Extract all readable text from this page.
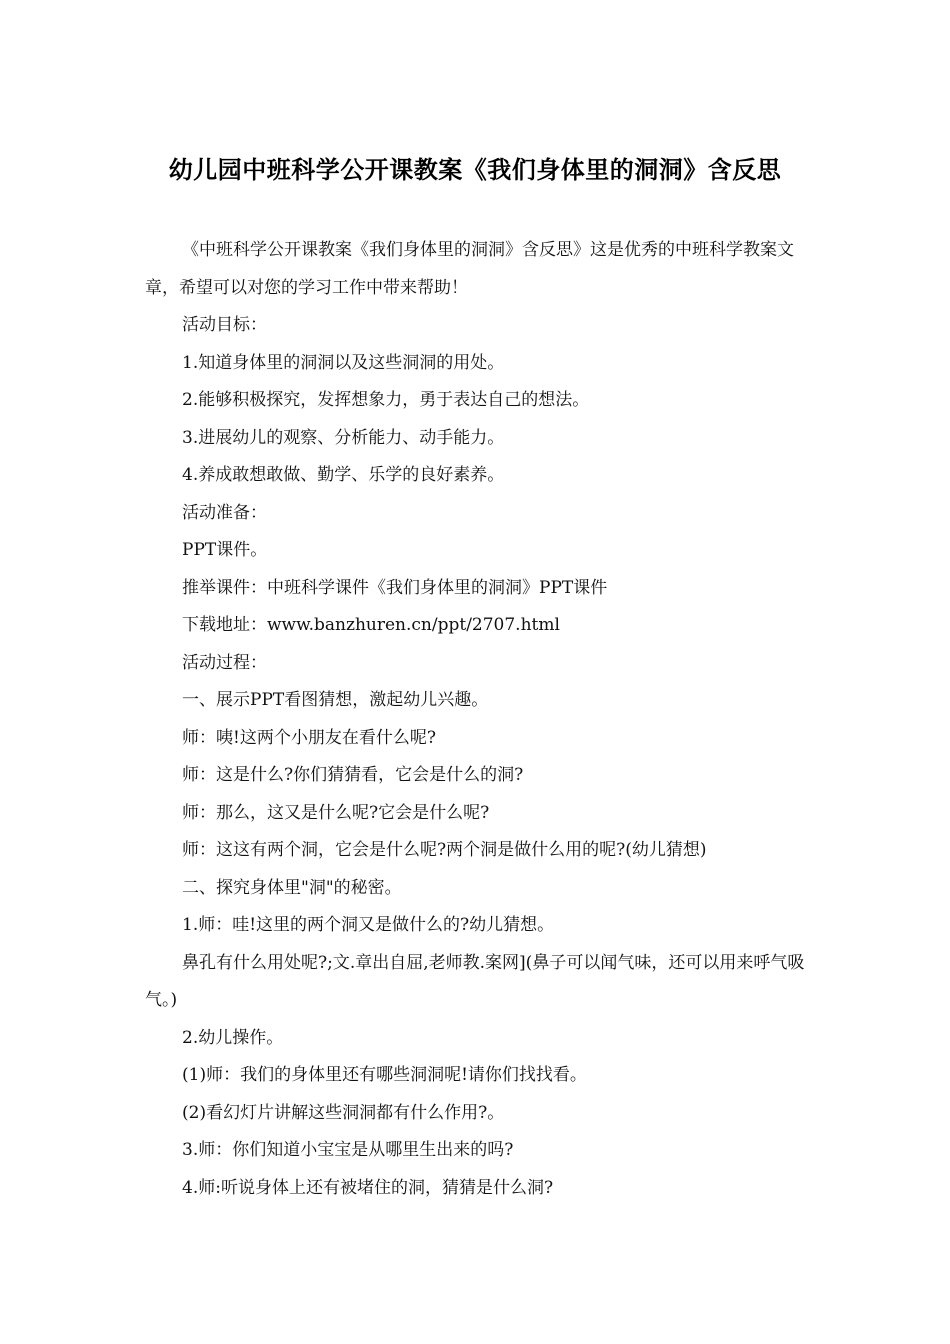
幼儿园中班科学公开课教案《我们身体里的洞洞》含反思

《中班科学公开课教案《我们身体里的洞洞》含反思》这是优秀的中班科学教案文章，希望可以对您的学习工作中带来帮助！

活动目标：

1.知道身体里的洞洞以及这些洞洞的用处。

2.能够积极探究，发挥想象力，勇于表达自己的想法。

3.进展幼儿的观察、分析能力、动手能力。

4.养成敢想敢做、勤学、乐学的良好素养。

活动准备：

PPT课件。

推举课件：中班科学课件《我们身体里的洞洞》PPT课件

下载地址：www.banzhuren.cn/ppt/2707.html

活动过程：

一、展示PPT看图猜想，激起幼儿兴趣。

师：咦!这两个小朋友在看什么呢?

师：这是什么?你们猜猜看，它会是什么的洞?

师：那么，这又是什么呢?它会是什么呢?

师：这这有两个洞，它会是什么呢?两个洞是做什么用的呢?(幼儿猜想)

二、探究身体里"洞"的秘密。

1.师：哇!这里的两个洞又是做什么的?幼儿猜想。

鼻孔有什么用处呢?;文.章出自屈,老师教.案网](鼻子可以闻气味，还可以用来呼气吸气。)

2.幼儿操作。

(1)师：我们的身体里还有哪些洞洞呢!请你们找找看。

(2)看幻灯片讲解这些洞洞都有什么作用?。

3.师：你们知道小宝宝是从哪里生出来的吗?

4.师:听说身体上还有被堵住的洞，猜猜是什么洞?
